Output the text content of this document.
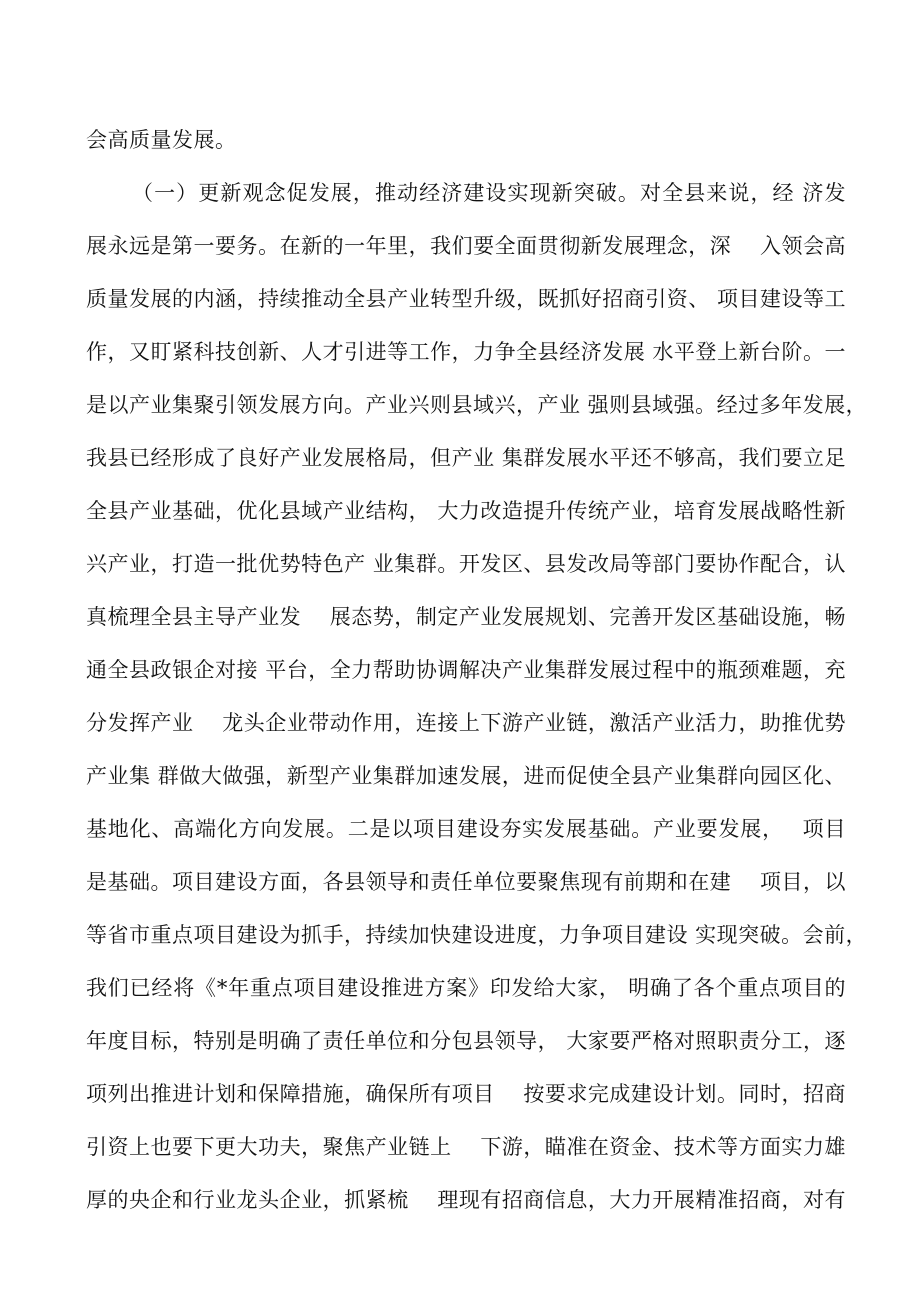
会高质量发展。
（一）更新观念促发展，推动经济建设实现新突破。对全县来说，经 济发
展永远是第一要务。在新的一年里，我们要全面贯彻新发展理念，深　 入领会高
质量发展的内涵，持续推动全县产业转型升级，既抓好招商引资、 项目建设等工
作，又盯紧科技创新、人才引进等工作，力争全县经济发展 水平登上新台阶。一
是以产业集聚引领发展方向。产业兴则县域兴，产业 强则县域强。经过多年发展，
我县已经形成了良好产业发展格局，但产业 集群发展水平还不够高，我们要立足
全县产业基础，优化县域产业结构， 大力改造提升传统产业，培育发展战略性新
兴产业，打造一批优势特色产 业集群。开发区、县发改局等部门要协作配合，认
真梳理全县主导产业发　 展态势，制定产业发展规划、完善开发区基础设施，畅
通全县政银企对接 平台，全力帮助协调解决产业集群发展过程中的瓶颈难题，充
分发挥产业　 龙头企业带动作用，连接上下游产业链，激活产业活力，助推优势
产业集 群做大做强，新型产业集群加速发展，进而促使全县产业集群向园区化、
基地化、高端化方向发展。二是以项目建设夯实发展基础。产业要发展，　 项目
是基础。项目建设方面，各县领导和责任单位要聚焦现有前期和在建　 项目，以
等省市重点项目建设为抓手，持续加快建设进度，力争项目建设 实现突破。会前，
我们已经将《*年重点项目建设推进方案》印发给大家， 明确了各个重点项目的
年度目标，特别是明确了责任单位和分包县领导， 大家要严格对照职责分工，逐
项列出推进计划和保障措施，确保所有项目　 按要求完成建设计划。同时，招商
引资上也要下更大功夫，聚焦产业链上　 下游，瞄准在资金、技术等方面实力雄
厚的央企和行业龙头企业，抓紧梳　 理现有招商信息，大力开展精准招商，对有
